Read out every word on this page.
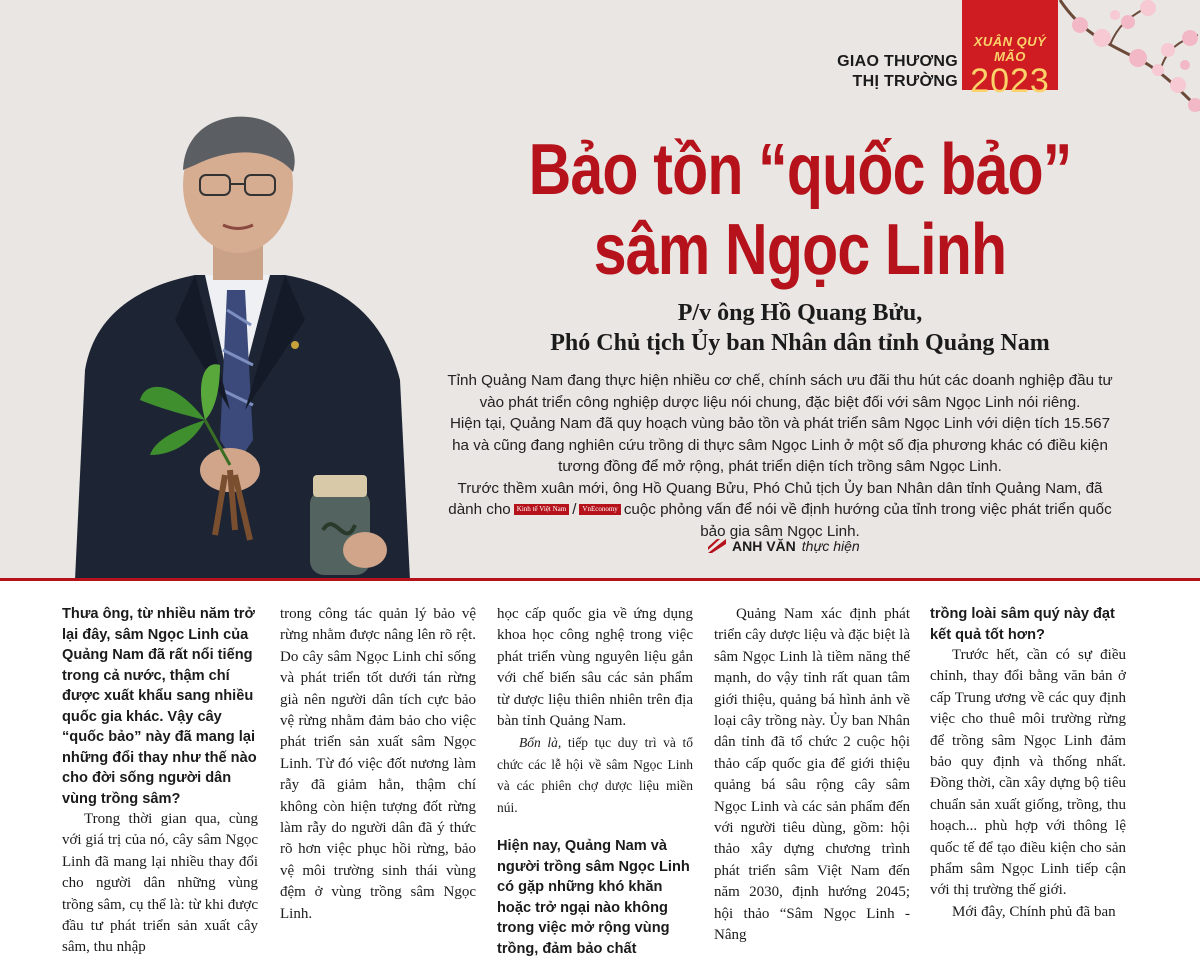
GIAO THƯƠNG
THỊ TRƯỜNG
XUÂN QUÝ MÃO
2023
Bảo tồn “quốc bảo”
sâm Ngọc Linh
P/v ông Hồ Quang Bửu,
Phó Chủ tịch Ủy ban Nhân dân tỉnh Quảng Nam

Tỉnh Quảng Nam đang thực hiện nhiều cơ chế, chính sách ưu đãi thu hút các doanh nghiệp đầu tư vào phát triển công nghiệp dược liệu nói chung, đặc biệt đối với sâm Ngọc Linh nói riêng.

Hiện tại, Quảng Nam đã quy hoạch vùng bảo tồn và phát triển sâm Ngọc Linh với diện tích 15.567 ha và cũng đang nghiên cứu trồng di thực sâm Ngọc Linh ở một số địa phương khác có điều kiện tương đồng để mở rộng, phát triển diện tích trồng sâm Ngọc Linh.

Trước thềm xuân mới, ông Hồ Quang Bửu, Phó Chủ tịch Ủy ban Nhân dân tỉnh Quảng Nam, đã dành cho Kinh tế Việt Nam / VnEconomy cuộc phỏng vấn để nói về định hướng của tỉnh trong việc phát triển quốc bảo gia sâm Ngọc Linh.

ANH VĂN thực hiện

Thưa ông, từ nhiều năm trở lại đây, sâm Ngọc Linh của Quảng Nam đã rất nổi tiếng trong cả nước, thậm chí được xuất khẩu sang nhiều quốc gia khác. Vậy cây “quốc bảo” này đã mang lại những đổi thay như thế nào cho đời sống người dân vùng trồng sâm?

Trong thời gian qua, cùng với giá trị của nó, cây sâm Ngọc Linh đã mang lại nhiều thay đổi cho người dân những vùng trồng sâm, cụ thể là: từ khi được đầu tư phát triển sản xuất cây sâm, thu nhập

trong công tác quản lý bảo vệ rừng nhằm được nâng lên rõ rệt. Do cây sâm Ngọc Linh chỉ sống và phát triển tốt dưới tán rừng già nên người dân tích cực bảo vệ rừng nhằm đảm bảo cho việc phát triển sản xuất sâm Ngọc Linh. Từ đó việc đốt nương làm rẫy đã giảm hẳn, thậm chí không còn hiện tượng đốt rừng làm rẫy do người dân đã ý thức rõ hơn việc phục hồi rừng, bảo vệ môi trường sinh thái vùng đệm ở vùng trồng sâm Ngọc Linh.

học cấp quốc gia về ứng dụng khoa học công nghệ trong việc phát triển vùng nguyên liệu gắn với chế biến sâu các sản phẩm từ dược liệu thiên nhiên trên địa bàn tỉnh Quảng Nam.

Bốn là, tiếp tục duy trì và tổ chức các lễ hội về sâm Ngọc Linh và các phiên chợ dược liệu miền núi.

Hiện nay, Quảng Nam và người trồng sâm Ngọc Linh có gặp những khó khăn hoặc trở ngại nào không trong việc mở rộng vùng trồng, đảm bảo chất

Quảng Nam xác định phát triển cây dược liệu và đặc biệt là sâm Ngọc Linh là tiềm năng thế mạnh, do vậy tỉnh rất quan tâm giới thiệu, quảng bá hình ảnh về loại cây trồng này. Ủy ban Nhân dân tỉnh đã tổ chức 2 cuộc hội thảo cấp quốc gia để giới thiệu quảng bá sâu rộng cây sâm Ngọc Linh và các sản phẩm đến với người tiêu dùng, gồm: hội thảo xây dựng chương trình phát triển sâm Việt Nam đến năm 2030, định hướng 2045; hội thảo “Sâm Ngọc Linh - Nâng

trồng loài sâm quý này đạt kết quả tốt hơn?

Trước hết, cần có sự điều chỉnh, thay đổi bằng văn bản ở cấp Trung ương về các quy định việc cho thuê môi trường rừng để trồng sâm Ngọc Linh đảm bảo quy định và thống nhất. Đồng thời, cần xây dựng bộ tiêu chuẩn sản xuất giống, trồng, thu hoạch... phù hợp với thông lệ quốc tế để tạo điều kiện cho sản phẩm sâm Ngọc Linh tiếp cận với thị trường thế giới.

Mới đây, Chính phủ đã ban
